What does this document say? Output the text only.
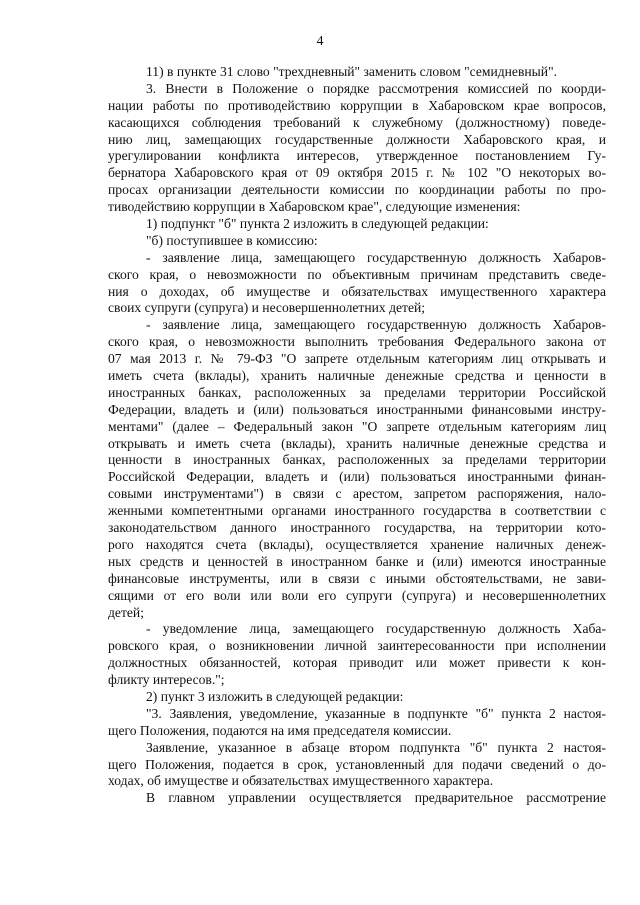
4
11) в пункте 31 слово "трехдневный" заменить словом "семидневный".
3. Внести в Положение о порядке рассмотрения комиссией по коорди-
нации работы по противодействию коррупции в Хабаровском крае вопросов,
касающихся соблюдения требований к служебному (должностному) поведе-
нию лиц, замещающих государственные должности Хабаровского края, и
урегулировании конфликта интересов, утвержденное постановлением Гу-
бернатора Хабаровского края от 09 октября 2015 г. № 102 "О некоторых во-
просах организации деятельности комиссии по координации работы по про-
тиводействию коррупции в Хабаровском крае", следующие изменения:
1) подпункт "б" пункта 2 изложить в следующей редакции:
"б) поступившее в комиссию:
- заявление лица, замещающего государственную должность Хабаров-
ского края, о невозможности по объективным причинам представить сведе-
ния о доходах, об имуществе и обязательствах имущественного характера
своих супруги (супруга) и несовершеннолетних детей;
- заявление лица, замещающего государственную должность Хабаров-
ского края, о невозможности выполнить требования Федерального закона от
07 мая 2013 г. № 79-ФЗ "О запрете отдельным категориям лиц открывать и
иметь счета (вклады), хранить наличные денежные средства и ценности в
иностранных банках, расположенных за пределами территории Российской
Федерации, владеть и (или) пользоваться иностранными финансовыми инстру-
ментами" (далее – Федеральный закон "О запрете отдельным категориям лиц
открывать и иметь счета (вклады), хранить наличные денежные средства и
ценности в иностранных банках, расположенных за пределами территории
Российской Федерации, владеть и (или) пользоваться иностранными финан-
совыми инструментами") в связи с арестом, запретом распоряжения, нало-
женными компетентными органами иностранного государства в соответствии с
законодательством данного иностранного государства, на территории кото-
рого находятся счета (вклады), осуществляется хранение наличных денеж-
ных средств и ценностей в иностранном банке и (или) имеются иностранные
финансовые инструменты, или в связи с иными обстоятельствами, не зави-
сящими от его воли или воли его супруги (супруга) и несовершеннолетних
детей;
- уведомление лица, замещающего государственную должность Хаба-
ровского края, о возникновении личной заинтересованности при исполнении
должностных обязанностей, которая приводит или может привести к кон-
фликту интересов.";
2) пункт 3 изложить в следующей редакции:
"3. Заявления, уведомление, указанные в подпункте "б" пункта 2 настоя-
щего Положения, подаются на имя председателя комиссии.
Заявление, указанное в абзаце втором подпункта "б" пункта 2 настоя-
щего Положения, подается в срок, установленный для подачи сведений о до-
ходах, об имуществе и обязательствах имущественного характера.
В главном управлении осуществляется предварительное рассмотрение
